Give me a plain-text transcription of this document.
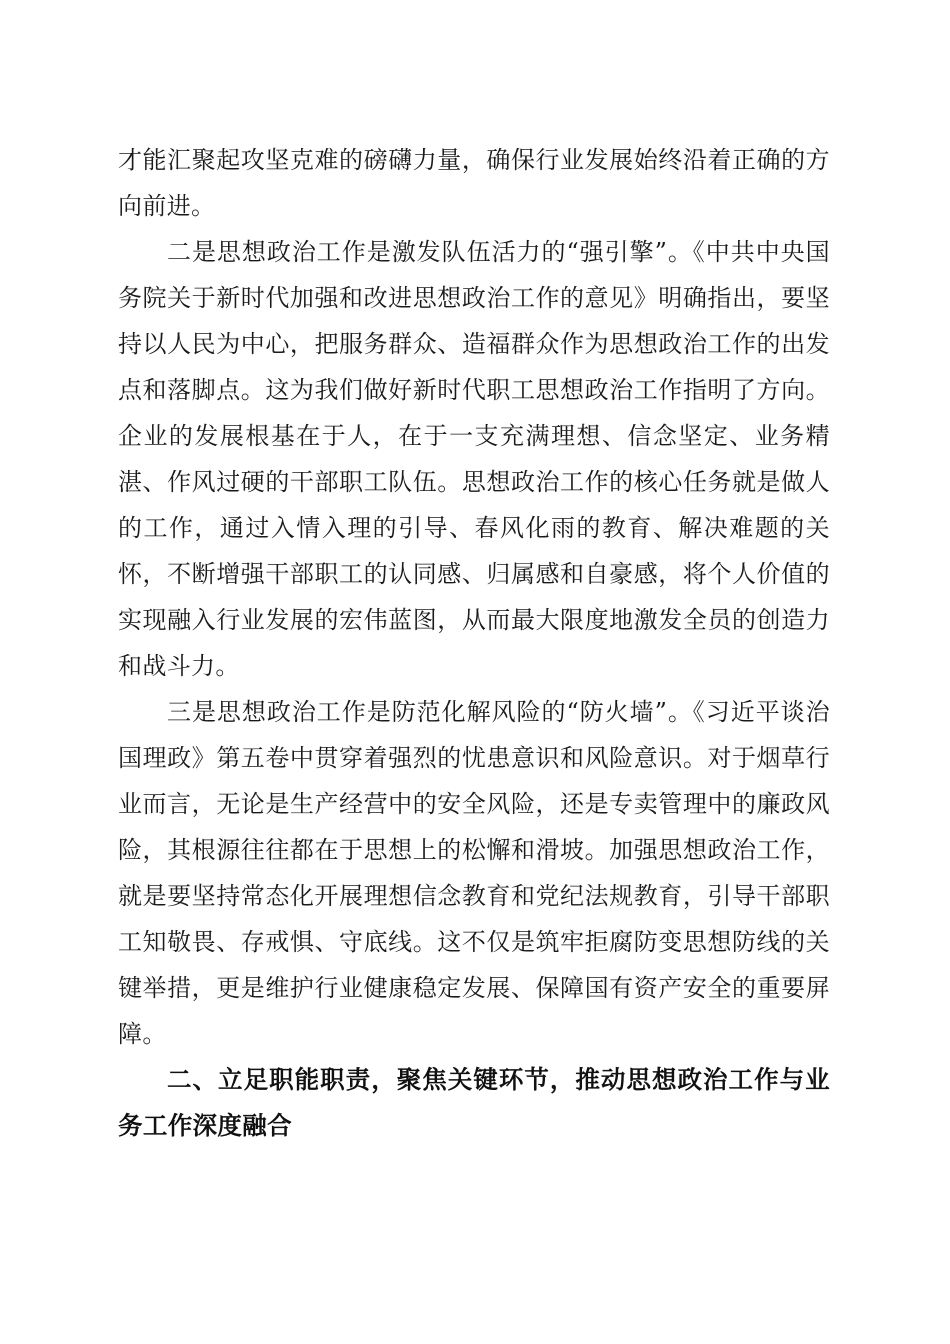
才能汇聚起攻坚克难的磅礴力量，确保行业发展始终沿着正确的方向前进。

二是思想政治工作是激发队伍活力的“强引擎”。《中共中央国务院关于新时代加强和改进思想政治工作的意见》明确指出，要坚持以人民为中心，把服务群众、造福群众作为思想政治工作的出发点和落脚点。这为我们做好新时代职工思想政治工作指明了方向。企业的发展根基在于人，在于一支充满理想、信念坚定、业务精湛、作风过硬的干部职工队伍。思想政治工作的核心任务就是做人的工作，通过入情入理的引导、春风化雨的教育、解决难题的关怀，不断增强干部职工的认同感、归属感和自豪感，将个人价值的实现融入行业发展的宏伟蓝图，从而最大限度地激发全员的创造力和战斗力。

三是思想政治工作是防范化解风险的“防火墙”。《习近平谈治国理政》第五卷中贯穿着强烈的忧患意识和风险意识。对于烟草行业而言，无论是生产经营中的安全风险，还是专卖管理中的廉政风险，其根源往往都在于思想上的松懈和滑坡。加强思想政治工作，就是要坚持常态化开展理想信念教育和党纪法规教育，引导干部职工知敬畏、存戒惧、守底线。这不仅是筑牢拒腐防变思想防线的关键举措，更是维护行业健康稳定发展、保障国有资产安全的重要屏障。

二、立足职能职责，聚焦关键环节，推动思想政治工作与业务工作深度融合
